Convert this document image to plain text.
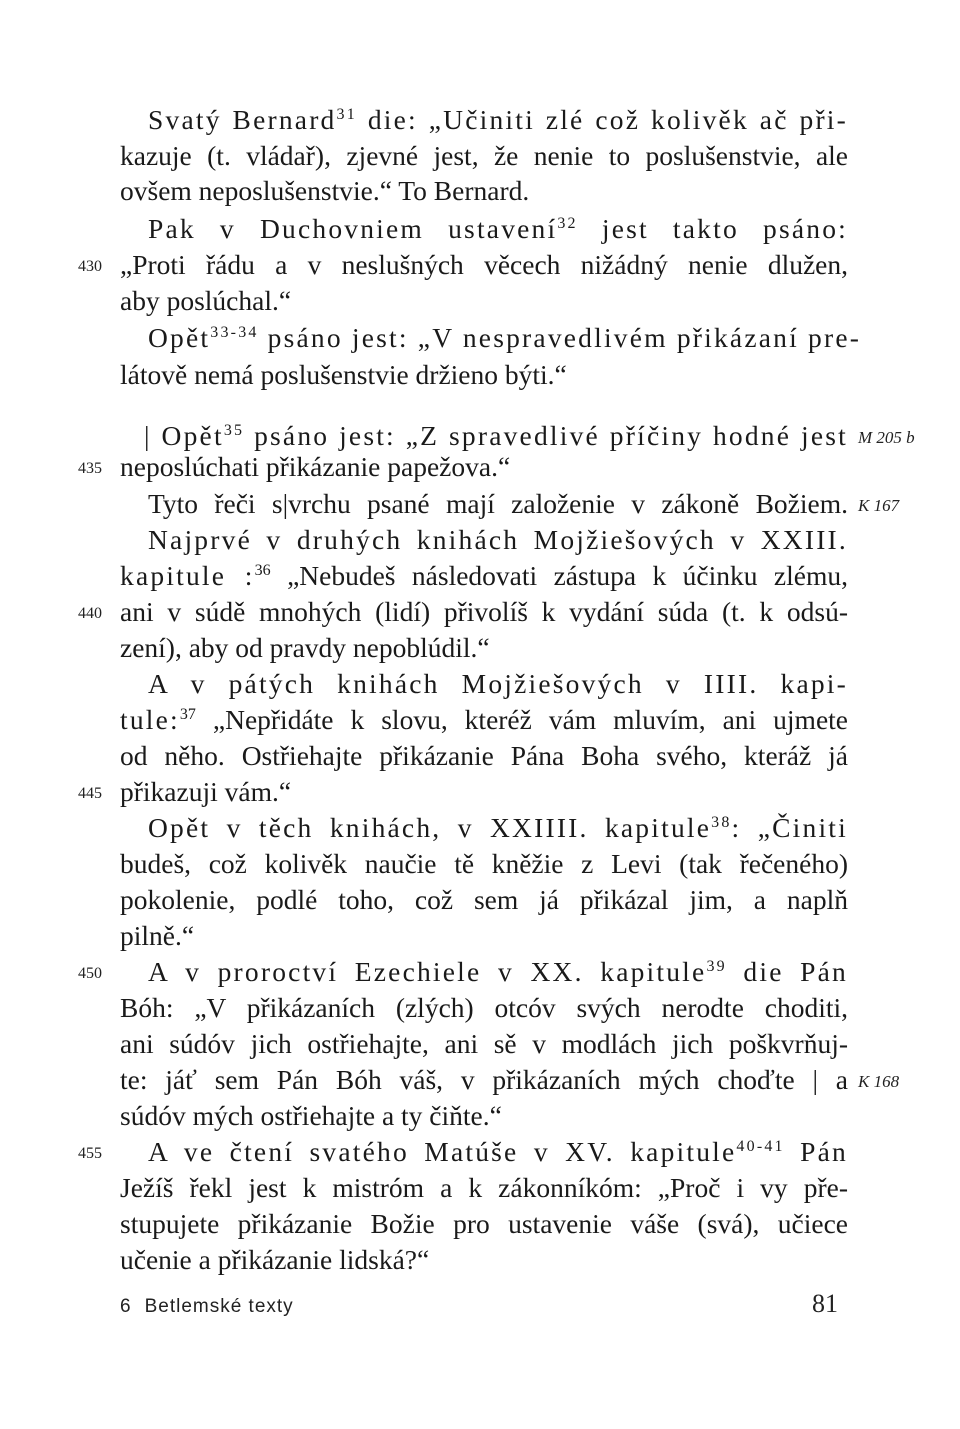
Svatý Bernard$^{31}$ die: „Učiniti zlé což kolivěk ač při-
kazuje (t. vládař), zjevné jest, že nenie to poslušenstvie, ale
ovšem neposlušenstvie.“ To Bernard.
Pak v Duchovniem ustavení$^{32}$ jest takto psáno:
„Proti řádu a v neslušných věcech nižádný nenie dlužen,
aby poslúchal.“
Opět$^{33-34}$ psáno jest: „V nespravedlivém přikázaní pre-
látově nemá poslušenstvie držieno býti.“
| Opět$^{35}$ psáno jest: „Z spravedlivé příčiny hodné jest
neposlúchati přikázanie papežova.“
Tyto řeči s|vrchu psané mají založenie v zákoně Božiem.
Najprvé v druhých knihách Mojžiešových v XXIII.
kapitule :$^{36}$ „Nebudeš následovati zástupa k účinku zlému,
ani v súdě mnohých (lidí) přivolíš k vydání súda (t. k odsú-
zení), aby od pravdy nepoblúdil.“
A v pátých knihách Mojžiešových v IIII. kapi-
tule:$^{37}$ „Nepřidáte k slovu, kteréž vám mluvím, ani ujmete
od něho. Ostřiehajte přikázanie Pána Boha svého, kteráž já
přikazuji vám.“
Opět v těch knihách, v XXIIII. kapitule$^{38}$: „Činiti
budeš, což kolivěk naučie tě kněžie z Levi (tak řečeného)
pokolenie, podlé toho, což sem já přikázal jim, a naplň
pilně.“
A v proroctví Ezechiele v XX. kapitule$^{39}$ die Pán
Bóh: „V přikázaních (zlých) otcóv svých nerodte choditi,
ani súdóv jich ostřiehajte, ani sě v modlách jich poškvrňuj-
te: jáť sem Pán Bóh váš, v přikázaních mých choďte | a
súdóv mých ostřiehajte a ty čiňte.“
A ve čtení svatého Matúše v XV. kapitule$^{40-41}$ Pán
Ježíš řekl jest k mistróm a k zákonníkóm: „Proč i vy pře-
stupujete přikázanie Božie pro ustavenie váše (svá), učiece
učenie a přikázanie lidská?“
430
435
440
445
450
455
M 205 b
K 167
K 168
6 Betlemské texty	81
